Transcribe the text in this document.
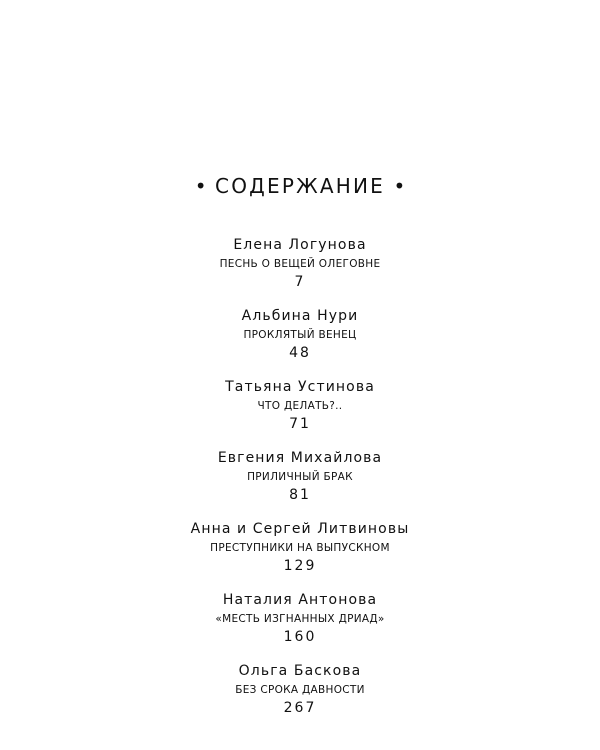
• СОДЕРЖАНИЕ •
Елена Логунова
ПЕСНЬ О ВЕЩЕЙ ОЛЕГОВНЕ
7
Альбина Нури
ПРОКЛЯТЫЙ ВЕНЕЦ
48
Татьяна Устинова
ЧТО ДЕЛАТЬ?..
71
Евгения Михайлова
ПРИЛИЧНЫЙ БРАК
81
Анна и Сергей Литвиновы
ПРЕСТУПНИКИ НА ВЫПУСКНОМ
129
Наталия Антонова
«МЕСТЬ ИЗГНАННЫХ ДРИАД»
160
Ольга Баскова
БЕЗ СРОКА ДАВНОСТИ
267
